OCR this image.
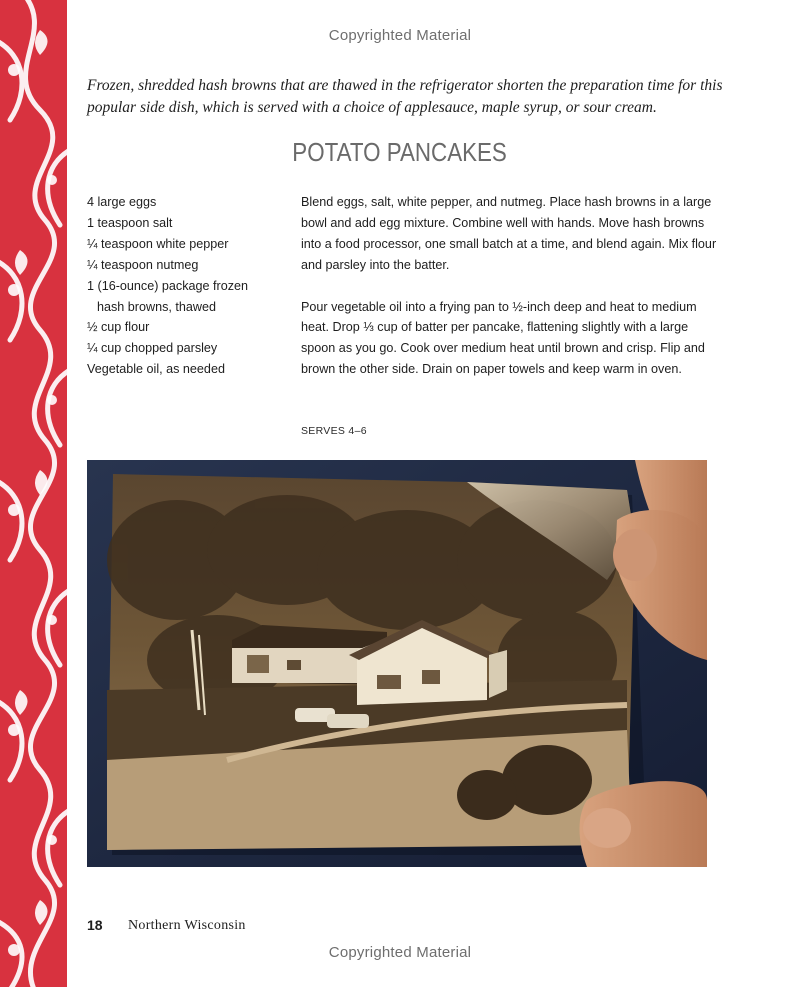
Copyrighted Material
Frozen, shredded hash browns that are thawed in the refrigerator shorten the preparation time for this popular side dish, which is served with a choice of applesauce, maple syrup, or sour cream.
POTATO PANCAKES
4 large eggs
1 teaspoon salt
¼ teaspoon white pepper
¼ teaspoon nutmeg
1 (16-ounce) package frozen
hash browns, thawed
½ cup flour
¼ cup chopped parsley
Vegetable oil, as needed

Blend eggs, salt, white pepper, and nutmeg. Place hash browns in a large bowl and add egg mixture. Combine well with hands. Move hash browns into a food processor, one small batch at a time, and blend again. Mix flour and parsley into the batter.

Pour vegetable oil into a frying pan to ½-inch deep and heat to medium heat. Drop ⅓ cup of batter per pancake, flattening slightly with a large spoon as you go. Cook over medium heat until brown and crisp. Flip and brown the other side. Drain on paper towels and keep warm in oven.

SERVES 4–6
18 Northern Wisconsin
Copyrighted Material
